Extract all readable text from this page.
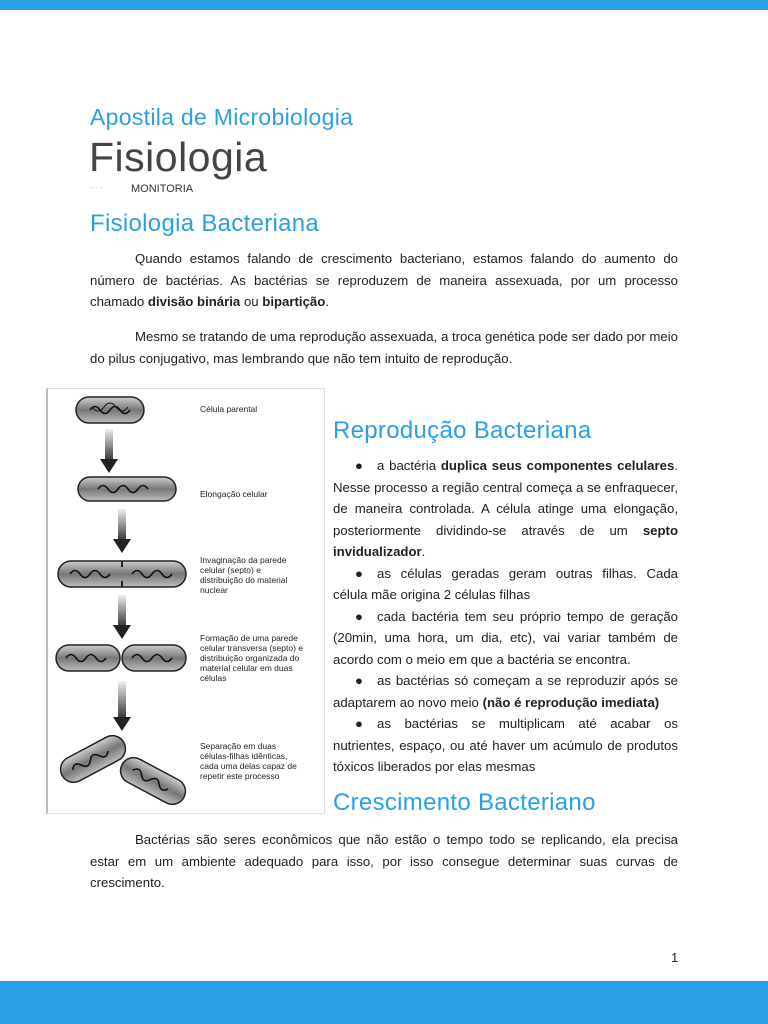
Apostila de Microbiologia
Fisiologia
· · ·	MONITORIA
Fisiologia Bacteriana

Quando estamos falando de crescimento bacteriano, estamos falando do aumento do número de bactérias. As bactérias se reproduzem de maneira assexuada, por um processo chamado divisão binária ou bipartição.

Mesmo se tratando de uma reprodução assexuada, a troca genética pode ser dado por meio do pilus conjugativo, mas lembrando que não tem intuito de reprodução.

Célula parental
Elongação celular
Invaginação da parede
celular (septo) e
distribuição do material
nuclear
Formação de uma parede
celular transversa (septo) e
distribuição organizada do
material celular em duas
células
Separação em duas
células-filhas idênticas,
cada uma delas capaz de
repetir este processo
Reprodução Bacteriana

● a bactéria duplica seus componentes celulares. Nesse processo a região central começa a se enfraquecer, de maneira controlada. A célula atinge uma elongação, posteriormente dividindo-se através de um septo invidualizador.

● as células geradas geram outras filhas. Cada célula mãe origina 2 células filhas

● cada bactéria tem seu próprio tempo de geração (20min, uma hora, um dia, etc), vai variar também de acordo com o meio em que a bactéria se encontra.

● as bactérias só começam a se reproduzir após se adaptarem ao novo meio (não é reprodução imediata)

● as bactérias se multiplicam até acabar os nutrientes, espaço, ou até haver um acúmulo de produtos tóxicos liberados por elas mesmas

Crescimento Bacteriano

Bactérias são seres econômicos que não estão o tempo todo se replicando, ela precisa estar em um ambiente adequado para isso, por isso consegue determinar suas curvas de crescimento.

1
